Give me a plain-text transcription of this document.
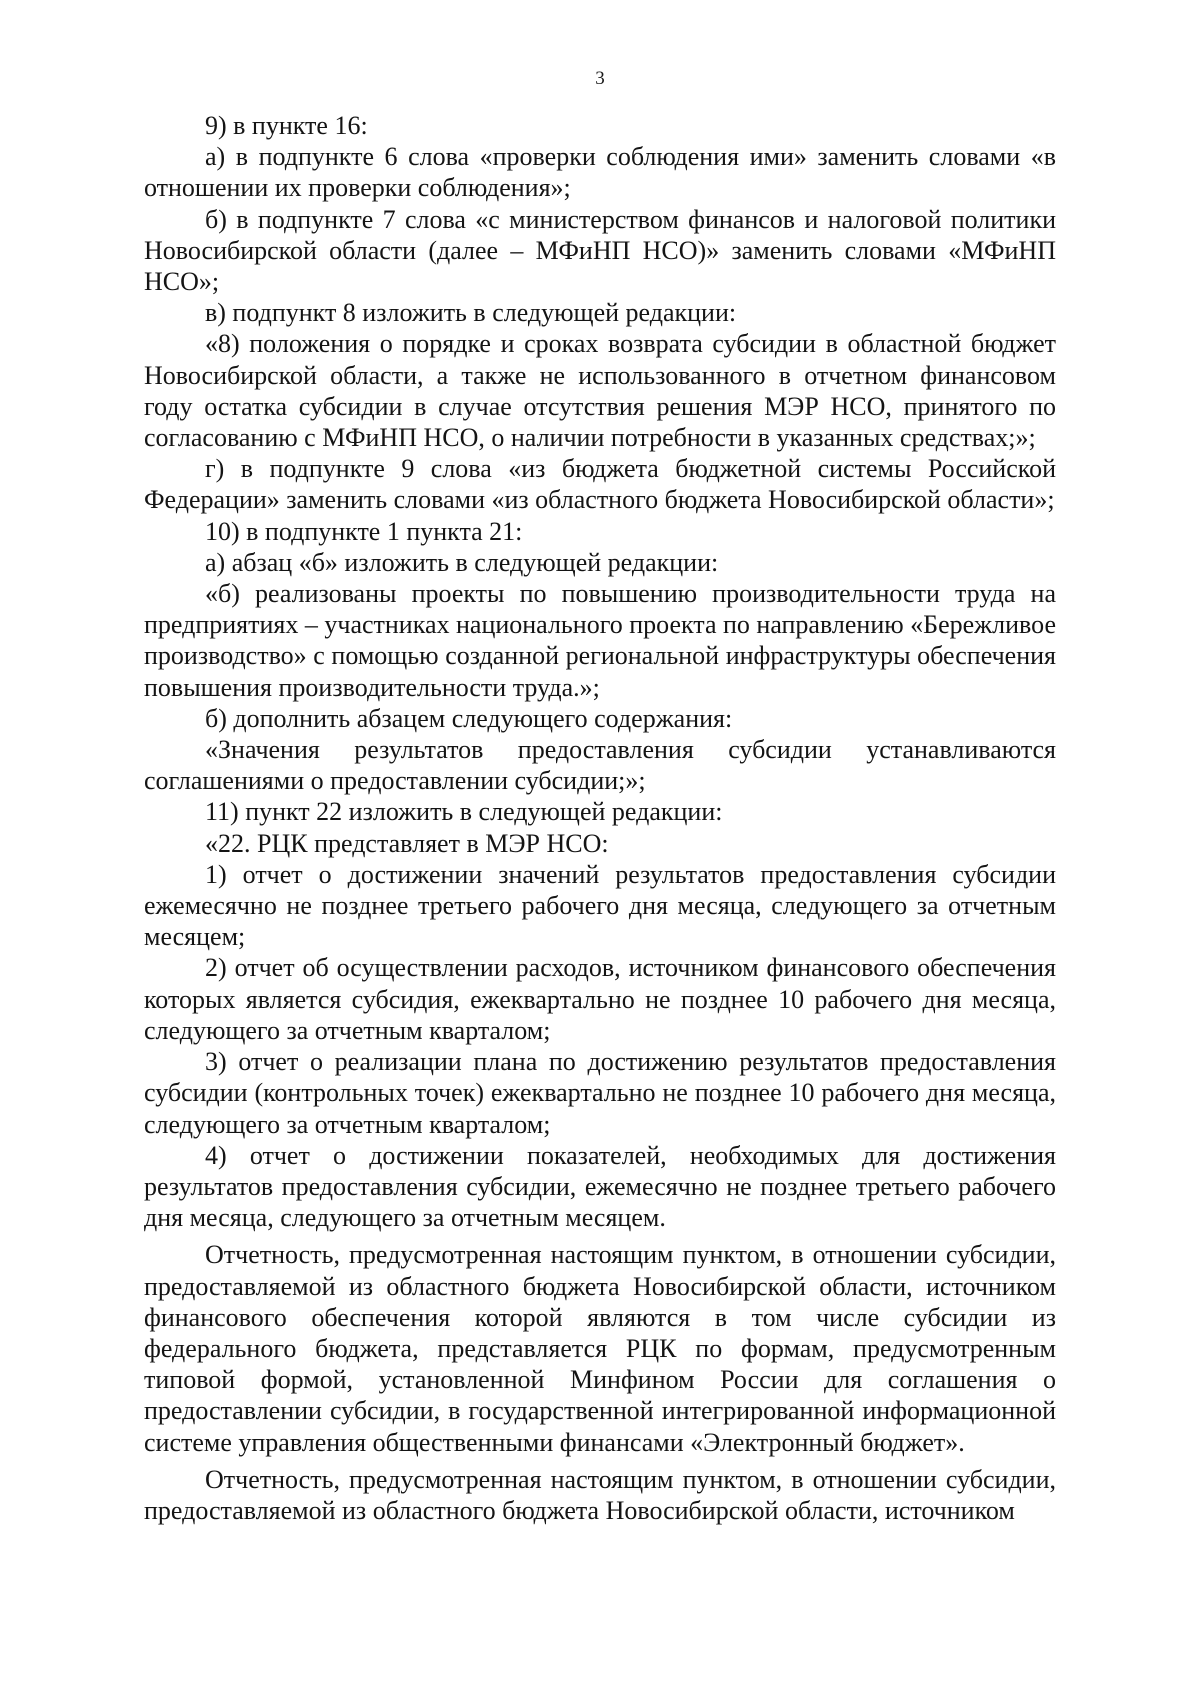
3

9) в пункте 16:

а) в подпункте 6 слова «проверки соблюдения ими» заменить словами «в отношении их проверки соблюдения»;

б) в подпункте 7 слова «с министерством финансов и налоговой политики Новосибирской области (далее – МФиНП НСО)» заменить словами «МФиНП НСО»;

в) подпункт 8 изложить в следующей редакции:

«8) положения о порядке и сроках возврата субсидии в областной бюджет Новосибирской области, а также не использованного в отчетном финансовом году остатка субсидии в случае отсутствия решения МЭР НСО, принятого по согласованию с МФиНП НСО, о наличии потребности в указанных средствах;»;

г) в подпункте 9 слова «из бюджета бюджетной системы Российской Федерации» заменить словами «из областного бюджета Новосибирской области»;

10) в подпункте 1 пункта 21:

а) абзац «б» изложить в следующей редакции:

«б) реализованы проекты по повышению производительности труда на предприятиях – участниках национального проекта по направлению «Бережливое производство» с помощью созданной региональной инфраструктуры обеспечения повышения производительности труда.»;

б) дополнить абзацем следующего содержания:

«Значения результатов предоставления субсидии устанавливаются соглашениями о предоставлении субсидии;»;

11) пункт 22 изложить в следующей редакции:

«22. РЦК представляет в МЭР НСО:

1) отчет о достижении значений результатов предоставления субсидии ежемесячно не позднее третьего рабочего дня месяца, следующего за отчетным месяцем;

2) отчет об осуществлении расходов, источником финансового обеспечения которых является субсидия, ежеквартально не позднее 10 рабочего дня месяца, следующего за отчетным кварталом;

3) отчет о реализации плана по достижению результатов предоставления субсидии (контрольных точек) ежеквартально не позднее 10 рабочего дня месяца, следующего за отчетным кварталом;

4) отчет о достижении показателей, необходимых для достижения результатов предоставления субсидии, ежемесячно не позднее третьего рабочего дня месяца, следующего за отчетным месяцем.

Отчетность, предусмотренная настоящим пунктом, в отношении субсидии, предоставляемой из областного бюджета Новосибирской области, источником финансового обеспечения которой являются в том числе субсидии из федерального бюджета, представляется РЦК по формам, предусмотренным типовой формой, установленной Минфином России для соглашения о предоставлении субсидии, в государственной интегрированной информационной системе управления общественными финансами «Электронный бюджет».

Отчетность, предусмотренная настоящим пунктом, в отношении субсидии, предоставляемой из областного бюджета Новосибирской области, источником
